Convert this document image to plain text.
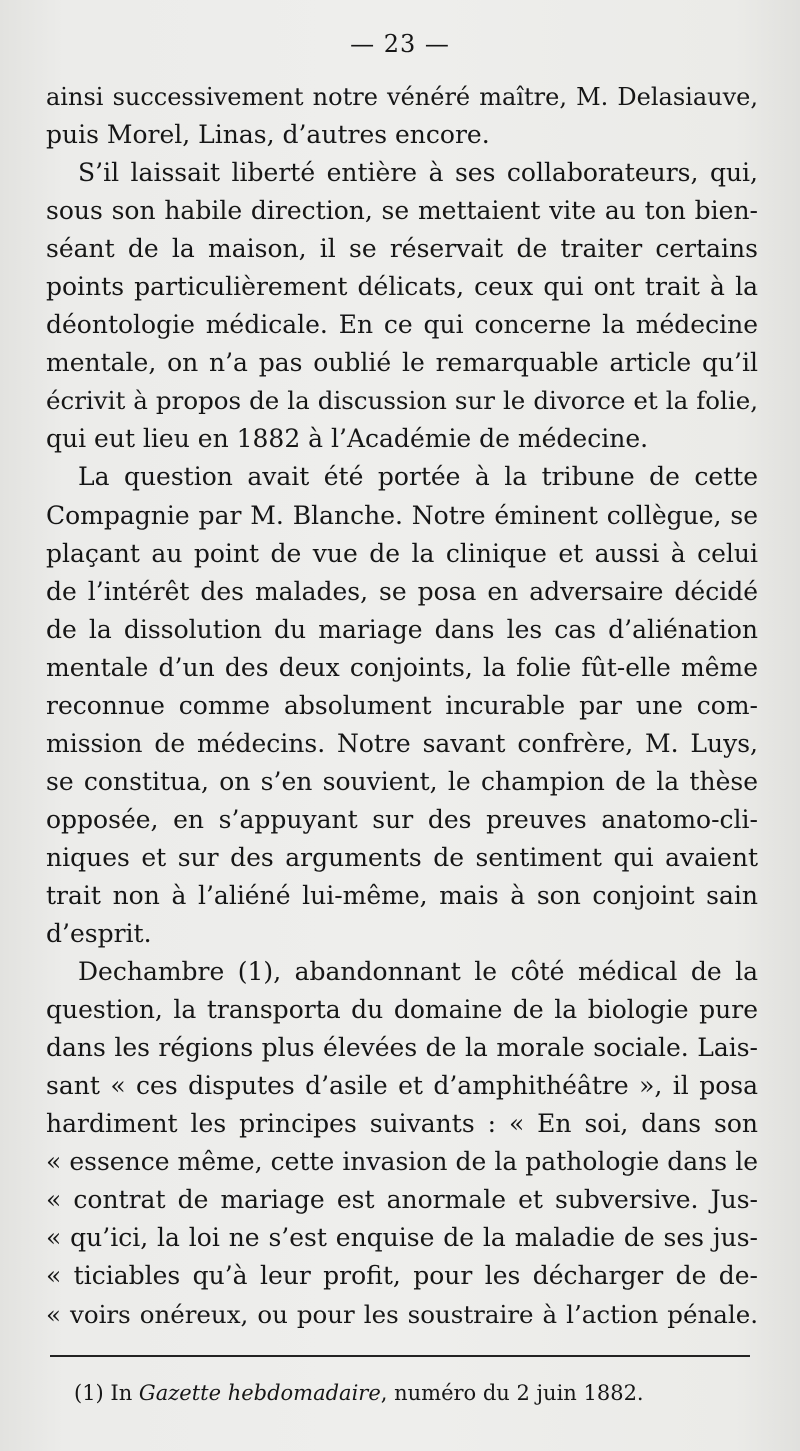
— 23 —
ainsi successivement notre vénéré maître, M. Delasiauve,
puis Morel, Linas, d’autres encore.
S’il laissait liberté entière à ses collaborateurs, qui,
sous son habile direction, se mettaient vite au ton bien-
séant de la maison, il se réservait de traiter certains
points particulièrement délicats, ceux qui ont trait à la
déontologie médicale. En ce qui concerne la médecine
mentale, on n’a pas oublié le remarquable article qu’il
écrivit à propos de la discussion sur le divorce et la folie,
qui eut lieu en 1882 à l’Académie de médecine.
La question avait été portée à la tribune de cette
Compagnie par M. Blanche. Notre éminent collègue, se
plaçant au point de vue de la clinique et aussi à celui
de l’intérêt des malades, se posa en adversaire décidé
de la dissolution du mariage dans les cas d’aliénation
mentale d’un des deux conjoints, la folie fût-elle même
reconnue comme absolument incurable par une com-
mission de médecins. Notre savant confrère, M. Luys,
se constitua, on s’en souvient, le champion de la thèse
opposée, en s’appuyant sur des preuves anatomo-cli-
niques et sur des arguments de sentiment qui avaient
trait non à l’aliéné lui-même, mais à son conjoint sain
d’esprit.
Dechambre (1), abandonnant le côté médical de la
question, la transporta du domaine de la biologie pure
dans les régions plus élevées de la morale sociale. Lais-
sant « ces disputes d’asile et d’amphithéâtre », il posa
hardiment les principes suivants : « En soi, dans son
« essence même, cette invasion de la pathologie dans le
« contrat de mariage est anormale et subversive. Jus-
« qu’ici, la loi ne s’est enquise de la maladie de ses jus-
« ticiables qu’à leur profit, pour les décharger de de-
« voirs onéreux, ou pour les soustraire à l’action pénale.
(1) In Gazette hebdomadaire, numéro du 2 juin 1882.
